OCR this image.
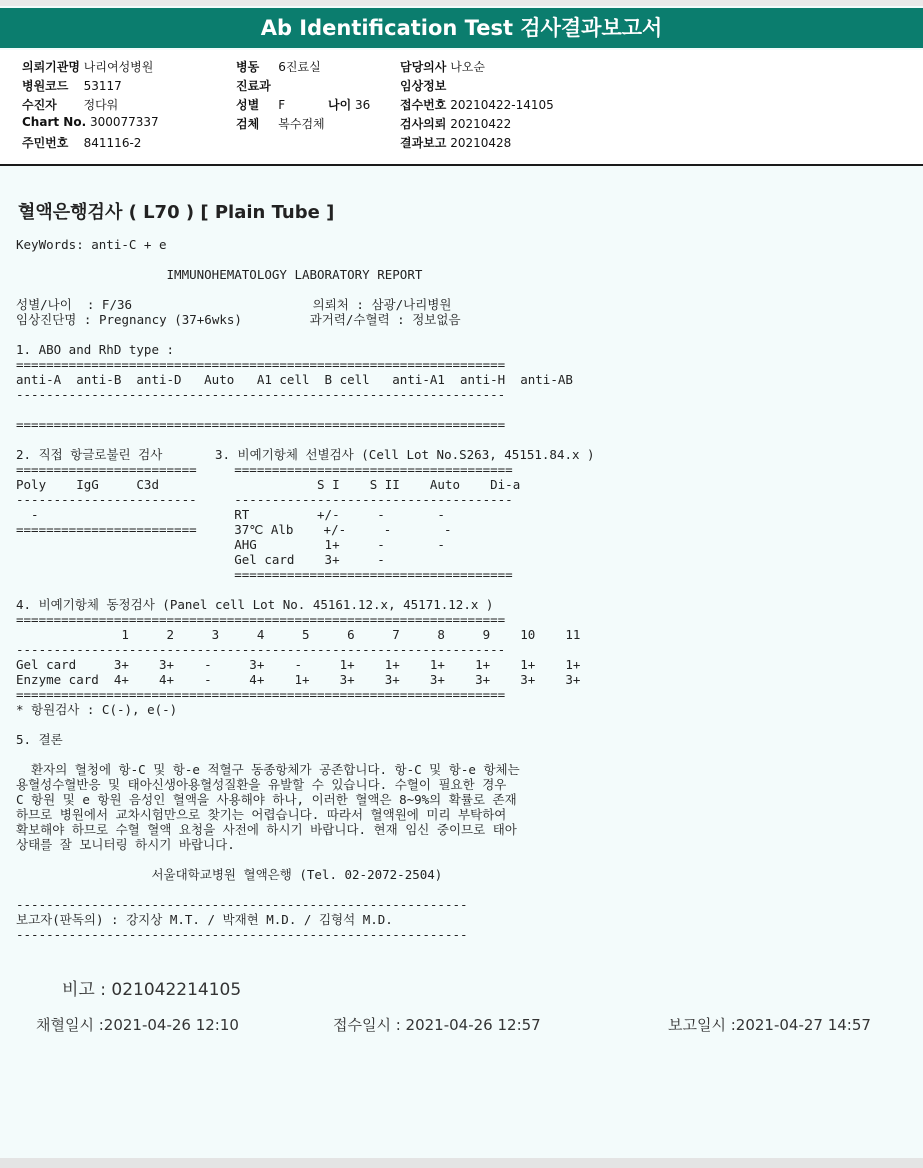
Ab Identification Test 검사결과보고서
의뢰기관명 나리여성병원
병원코드 53117
수진자 정다워
Chart No. 300077337
주민번호 841116-2
병동 6진료실
진료과
성별 F	나이 36
검체 복수검체
담당의사 나오순
임상정보
접수번호 20210422-14105
검사의뢰 20210422
결과보고 20210428
혈액은행검사 ( L70 ) [ Plain Tube ]
KeyWords: anti-C + e

IMMUNOHEMATOLOGY LABORATORY REPORT

성별/나이  : F/36                        의뢰처 : 삼광/나리병원
임상진단명 : Pregnancy (37+6wks)         과거력/수혈력 : 정보없음

1. ABO and RhD type :
=================================================================
anti-A  anti-B  anti-D   Auto   A1 cell  B cell   anti-A1  anti-H  anti-AB
-----------------------------------------------------------------

=================================================================

2. 직접 항글로불린 검사       3. 비예기항체 선별검사 (Cell Lot No.S263, 45151.84.x )
========================     =====================================
Poly    IgG     C3d                     S I    S II    Auto    Di-a
------------------------     -------------------------------------
-                          RT         +/-     -       -
========================     37℃ Alb    +/-     -       -
AHG         1+     -       -
Gel card    3+     -
=====================================

4. 비예기항체 동정검사 (Panel cell Lot No. 45161.12.x, 45171.12.x )
=================================================================
1     2     3     4     5     6     7     8     9    10    11
-----------------------------------------------------------------
Gel card     3+    3+    -     3+    -     1+    1+    1+    1+    1+    1+
Enzyme card  4+    4+    -     4+    1+    3+    3+    3+    3+    3+    3+
=================================================================
* 항원검사 : C(-), e(-)

5. 결론

환자의 혈청에 항-C 및 항-e 적혈구 동종항체가 공존합니다. 항-C 및 항-e 항체는
용혈성수혈반응 및 태아신생아용혈성질환을 유발할 수 있습니다. 수혈이 필요한 경우
C 항원 및 e 항원 음성인 혈액을 사용해야 하나, 이러한 혈액은 8~9%의 확률로 존재
하므로 병원에서 교차시험만으로 찾기는 어렵습니다. 따라서 혈액원에 미리 부탁하여
확보해야 하므로 수혈 혈액 요청을 사전에 하시기 바랍니다. 현재 임신 중이므로 태아
상태를 잘 모니터링 하시기 바랍니다.

서울대학교병원 혈액은행 (Tel. 02-2072-2504)

------------------------------------------------------------
보고자(판독의) : 강지상 M.T. / 박재현 M.D. / 김형석 M.D.
------------------------------------------------------------
비고 : 021042214105
채혈일시 :2021-04-26 12:10	접수일시 : 2021-04-26 12:57	보고일시 :2021-04-27 14:57
